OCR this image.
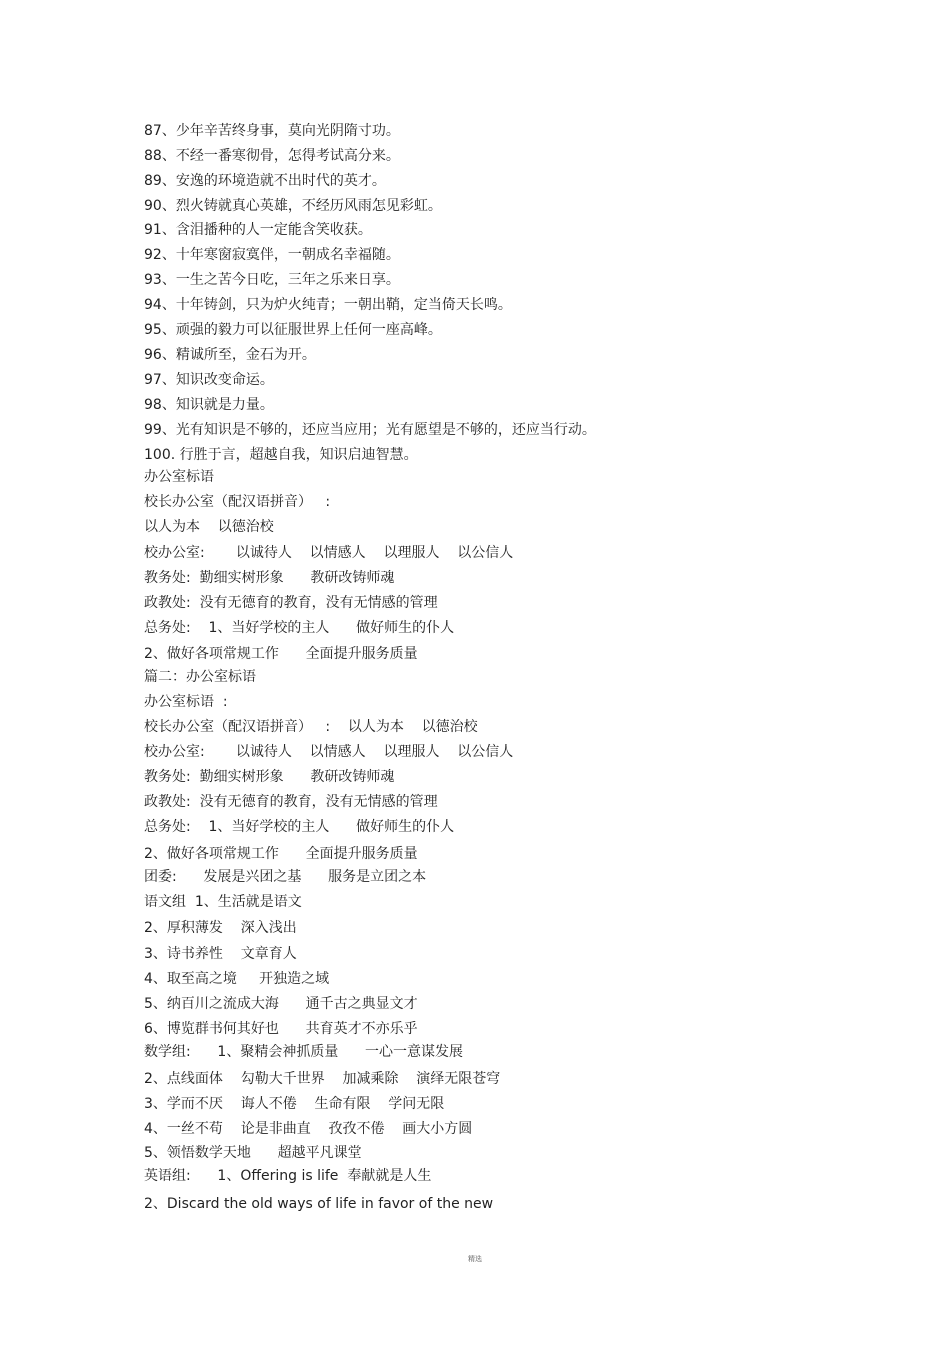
87、少年辛苦终身事，莫向光阴隋寸功。
88、不经一番寒彻骨，怎得考试高分来。
89、安逸的环境造就不出时代的英才。
90、烈火铸就真心英雄，不经历风雨怎见彩虹。
91、含泪播种的人一定能含笑收获。
92、十年寒窗寂寞伴，一朝成名幸福随。
93、一生之苦今日吃，三年之乐来日享。
94、十年铸剑，只为炉火纯青；一朝出鞘，定当倚天长鸣。
95、顽强的毅力可以征服世界上任何一座高峰。
96、精诚所至，金石为开。
97、知识改变命运。
98、知识就是力量。
99、光有知识是不够的，还应当应用；光有愿望是不够的，还应当行动。
100. 行胜于言，超越自我，知识启迪智慧。
办公室标语
校长办公室（配汉语拼音）   :
以人为本    以德治校
校办公室:       以诚待人    以情感人    以理服人    以公信人
教务处:  勤细实树形象      教研改铸师魂
政教处:  没有无德育的教育，没有无情感的管理
总务处:    1、当好学校的主人      做好师生的仆人
2、做好各项常规工作      全面提升服务质量
篇二：办公室标语
办公室标语  :
校长办公室（配汉语拼音）   :    以人为本    以德治校
校办公室:       以诚待人    以情感人    以理服人    以公信人
教务处:  勤细实树形象      教研改铸师魂
政教处:  没有无德育的教育，没有无情感的管理
总务处:    1、当好学校的主人      做好师生的仆人
2、做好各项常规工作      全面提升服务质量
团委:      发展是兴团之基      服务是立团之本
语文组  1、生活就是语文
2、厚积薄发    深入浅出
3、诗书养性    文章育人
4、取至高之境     开独造之域
5、纳百川之流成大海      通千古之典显文才
6、博览群书何其好也      共育英才不亦乐乎
数学组:      1、聚精会神抓质量      一心一意谋发展
2、点线面体    勾勒大千世界    加减乘除    演绎无限苍穹
3、学而不厌    诲人不倦    生命有限    学问无限
4、一丝不苟    论是非曲直    孜孜不倦    画大小方圆
5、领悟数学天地      超越平凡课堂
英语组:      1、Offering is life  奉献就是人生
2、Discard the old ways of life in favor of the new
精选
